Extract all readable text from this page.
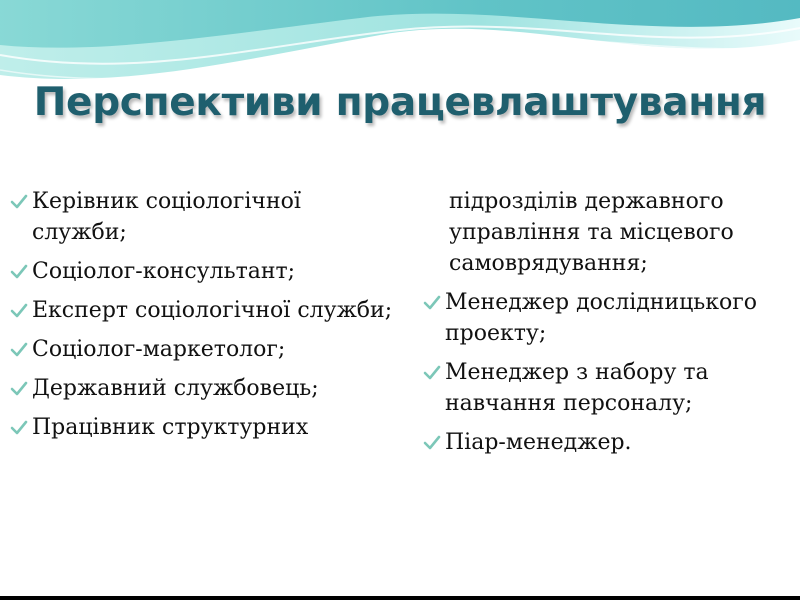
Перспективи працевлаштування
Керівник соціологічної служби;
Соціолог-консультант;
Експерт соціологічної служби;
Соціолог-маркетолог;
Державний службовець;
Працівник структурних
підрозділів державного управління та місцевого самоврядування;
Менеджер дослідницького проекту;
Менеджер з набору та навчання персоналу;
Піар-менеджер.
